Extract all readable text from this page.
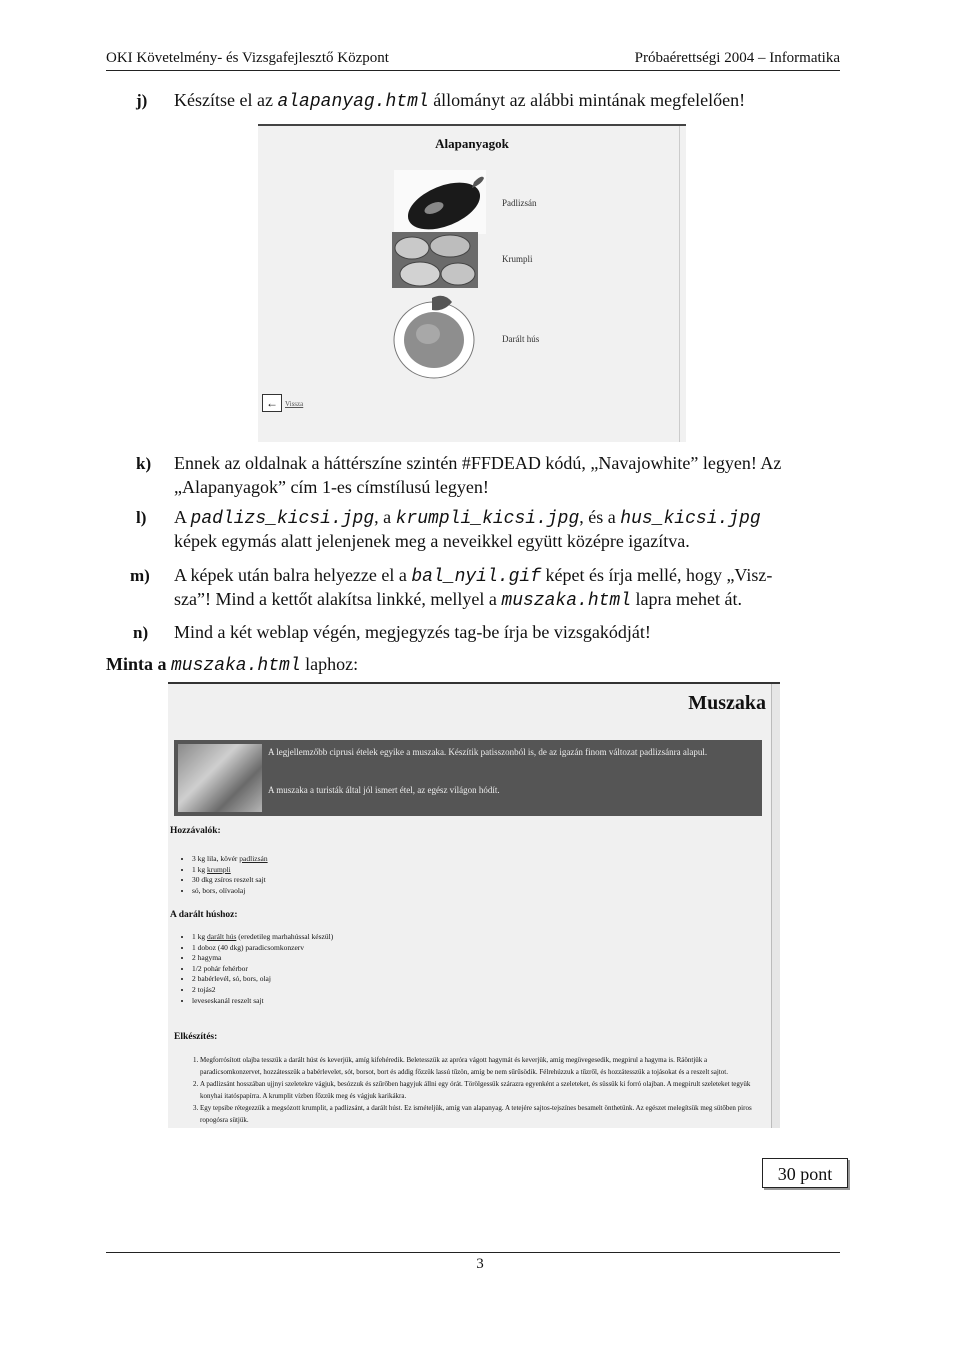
OKI Követelmény- és Vizsgafejlesztő Központ	Próbaérettségi 2004 – Informatika
j) Készítse el az alapanyag.html állományt az alábbi mintának megfelelően!
Alapanyagok
Padlizsán
Krumpli
Darált hús
← Vissza
k) Ennek az oldalnak a háttérszíne szintén #FFDEAD kódú, „Navajowhite” legyen! Az
„Alapanyagok” cím 1-es címstílusú legyen!
l) A padlizs_kicsi.jpg, a krumpli_kicsi.jpg, és a hus_kicsi.jpg
képek egymás alatt jelenjenek meg a neveikkel együtt középre igazítva.
m) A képek után balra helyezze el a bal_nyil.gif képet és írja mellé, hogy „Visz-
sza”! Mind a kettőt alakítsa linkké, mellyel a muszaka.html lapra mehet át.
n) Mind a két weblap végén, megjegyzés tag-be írja be vizsgakódját!
Minta a muszaka.html laphoz:
Muszaka
A legjellemzőbb ciprusi ételek egyike a muszaka. Készítik patisszonból is, de az igazán finom változat padlizsánra alapul.
A muszaka a turisták által jól ismert étel, az egész világon hódít.
Hozzávalók:
• 3 kg lila, kövér padlizsán
• 1 kg krumpli
• 30 dkg zsíros reszelt sajt
• só, bors, olívaolaj
A darált húshoz:
• 1 kg darált hús (eredetileg marhahússal készül)
• 1 doboz (40 dkg) paradicsomkonzerv
• 2 hagyma
• 1/2 pohár fehérbor
• 2 babérlevél, só, bors, olaj
• 2 tojás2
• leveseskanál reszelt sajt
Elkészítés:
1. Megforrósított olajba tesszük a darált húst és keverjük, amíg kifehéredik. Beletesszük az apróra vágott hagymát és keverjük, amíg megüvegesedik, megpirul a hagyma is. Ráöntjük a paradicsomkonzervet, hozzátesszük a babérlevelet, sót, borsot, bort és addig főzzük lassú tűzön, amíg be nem sűrűsödik. Félrehúzzuk a tűzről, és hozzátesszük a tojásokat és a reszelt sajtot.
2. A padlizsánt hosszában ujjnyi szeletekre vágjuk, besózzuk és szűrőben hagyjuk állni egy órát. Törölgessük szárazra egyenként a szeleteket, és süssük ki forró olajban. A megpirult szeleteket tegyük konyhai itatóspapírra. A krumplit vízben főzzük meg és vágjuk karikákra.
3. Egy tepsibe rétegezzük a megsózott krumplit, a padlizsánt, a darált húst. Ez ismételjük, amíg van alapanyag. A tetejére sajtos-tejszínes besamelt önthetünk. Az egészet melegítsük meg sütőben piros ropogósra sütjük.
30 pont
3
